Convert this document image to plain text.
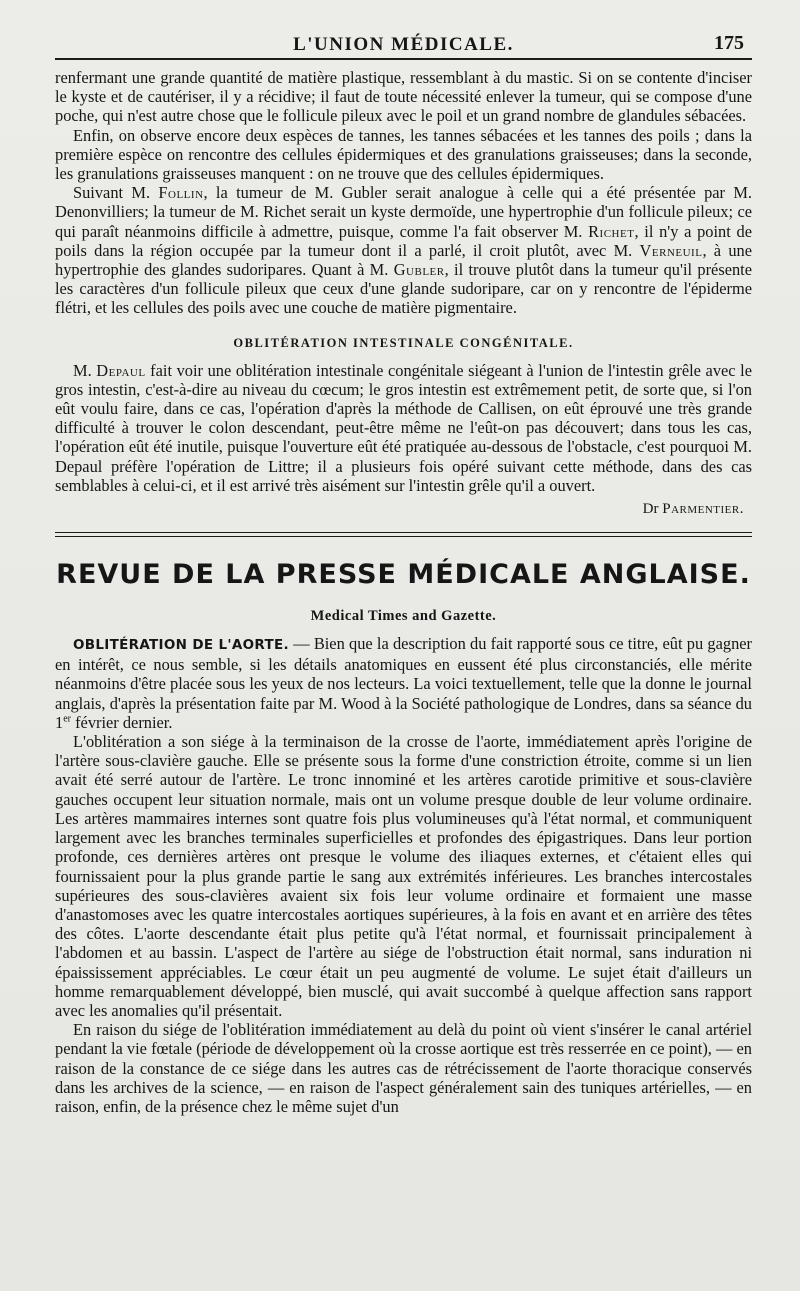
L'UNION MÉDICALE.	175

renfermant une grande quantité de matière plastique, ressemblant à du mastic. Si on se contente d'inciser le kyste et de cautériser, il y a récidive; il faut de toute nécessité enlever la tumeur, qui se compose d'une poche, qui n'est autre chose que le follicule pileux avec le poil et un grand nombre de glandules sébacées.

Enfin, on observe encore deux espèces de tannes, les tannes sébacées et les tannes des poils ; dans la première espèce on rencontre des cellules épidermiques et des granulations graisseuses; dans la seconde, les granulations graisseuses manquent : on ne trouve que des cellules épidermiques.

Suivant M. Follin, la tumeur de M. Gubler serait analogue à celle qui a été présentée par M. Denonvilliers; la tumeur de M. Richet serait un kyste dermoïde, une hypertrophie d'un follicule pileux; ce qui paraît néanmoins difficile à admettre, puisque, comme l'a fait observer M. Richet, il n'y a point de poils dans la région occupée par la tumeur dont il a parlé, il croit plutôt, avec M. Verneuil, à une hypertrophie des glandes sudoripares. Quant à M. Gubler, il trouve plutôt dans la tumeur qu'il présente les caractères d'un follicule pileux que ceux d'une glande sudoripare, car on y rencontre de l'épiderme flétri, et les cellules des poils avec une couche de matière pigmentaire.

OBLITÉRATION INTESTINALE CONGÉNITALE.

M. Depaul fait voir une oblitération intestinale congénitale siégeant à l'union de l'intestin grêle avec le gros intestin, c'est-à-dire au niveau du cœcum; le gros intestin est extrêmement petit, de sorte que, si l'on eût voulu faire, dans ce cas, l'opération d'après la méthode de Callisen, on eût éprouvé une très grande difficulté à trouver le colon descendant, peut-être même ne l'eût-on pas découvert; dans tous les cas, l'opération eût été inutile, puisque l'ouverture eût été pratiquée au-dessous de l'obstacle, c'est pourquoi M. Depaul préfère l'opération de Littre; il a plusieurs fois opéré suivant cette méthode, dans des cas semblables à celui-ci, et il est arrivé très aisément sur l'intestin grêle qu'il a ouvert.

Dr Parmentier.
REVUE DE LA PRESSE MÉDICALE ANGLAISE.
Medical Times and Gazette.

OBLITÉRATION DE L'AORTE. — Bien que la description du fait rapporté sous ce titre, eût pu gagner en intérêt, ce nous semble, si les détails anatomiques en eussent été plus circonstanciés, elle mérite néanmoins d'être placée sous les yeux de nos lecteurs. La voici textuellement, telle que la donne le journal anglais, d'après la présentation faite par M. Wood à la Société pathologique de Londres, dans sa séance du 1er février dernier.

L'oblitération a son siége à la terminaison de la crosse de l'aorte, immédiatement après l'origine de l'artère sous-clavière gauche. Elle se présente sous la forme d'une constriction étroite, comme si un lien avait été serré autour de l'artère. Le tronc innominé et les artères carotide primitive et sous-clavière gauches occupent leur situation normale, mais ont un volume presque double de leur volume ordinaire. Les artères mammaires internes sont quatre fois plus volumineuses qu'à l'état normal, et communiquent largement avec les branches terminales superficielles et profondes des épigastriques. Dans leur portion profonde, ces dernières artères ont presque le volume des iliaques externes, et c'étaient elles qui fournissaient pour la plus grande partie le sang aux extrémités inférieures. Les branches intercostales supérieures des sous-clavières avaient six fois leur volume ordinaire et formaient une masse d'anastomoses avec les quatre intercostales aortiques supérieures, à la fois en avant et en arrière des têtes des côtes. L'aorte descendante était plus petite qu'à l'état normal, et fournissait principalement à l'abdomen et au bassin. L'aspect de l'artère au siége de l'obstruction était normal, sans induration ni épaississement appréciables. Le cœur était un peu augmenté de volume. Le sujet était d'ailleurs un homme remarquablement développé, bien musclé, qui avait succombé à quelque affection sans rapport avec les anomalies qu'il présentait.

En raison du siége de l'oblitération immédiatement au delà du point où vient s'insérer le canal artériel pendant la vie fœtale (période de développement où la crosse aortique est très resserrée en ce point), — en raison de la constance de ce siége dans les autres cas de rétrécissement de l'aorte thoracique conservés dans les archives de la science, — en raison de l'aspect généralement sain des tuniques artérielles, — en raison, enfin, de la présence chez le même sujet d'un
